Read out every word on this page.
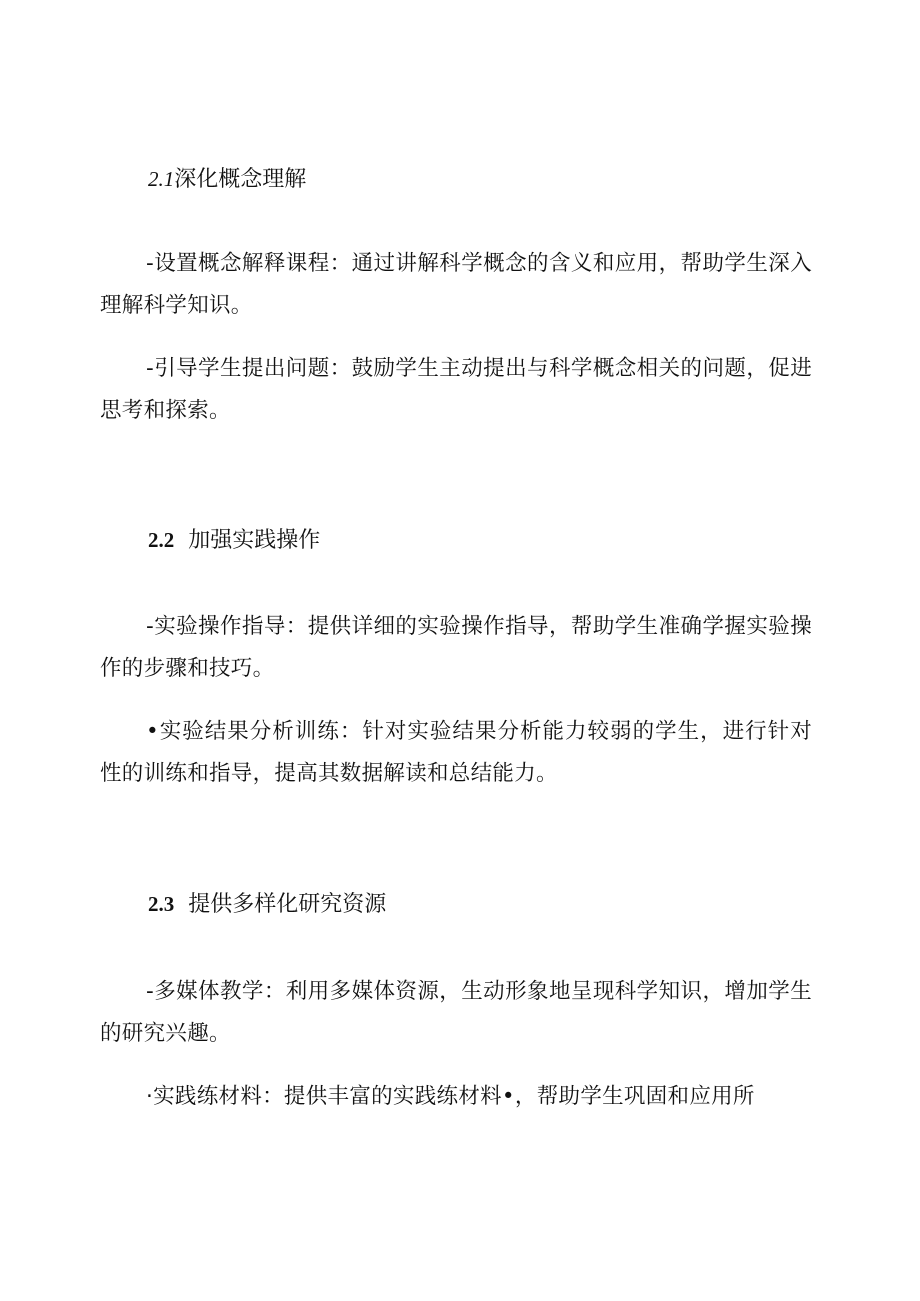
2.1深化概念理解

-设置概念解释课程：通过讲解科学概念的含义和应用，帮助学生深入理解科学知识。

-引导学生提出问题：鼓励学生主动提出与科学概念相关的问题，促进思考和探索。

2.2 加强实践操作

-实验操作指导：提供详细的实验操作指导，帮助学生准确学握实验操作的步骤和技巧。

•实验结果分析训练：针对实验结果分析能力较弱的学生，进行针对性的训练和指导，提高其数据解读和总结能力。

2.3 提供多样化研究资源

-多媒体教学：利用多媒体资源，生动形象地呈现科学知识，增加学生的研究兴趣。

·实践练材料：提供丰富的实践练材料•，帮助学生巩固和应用所
